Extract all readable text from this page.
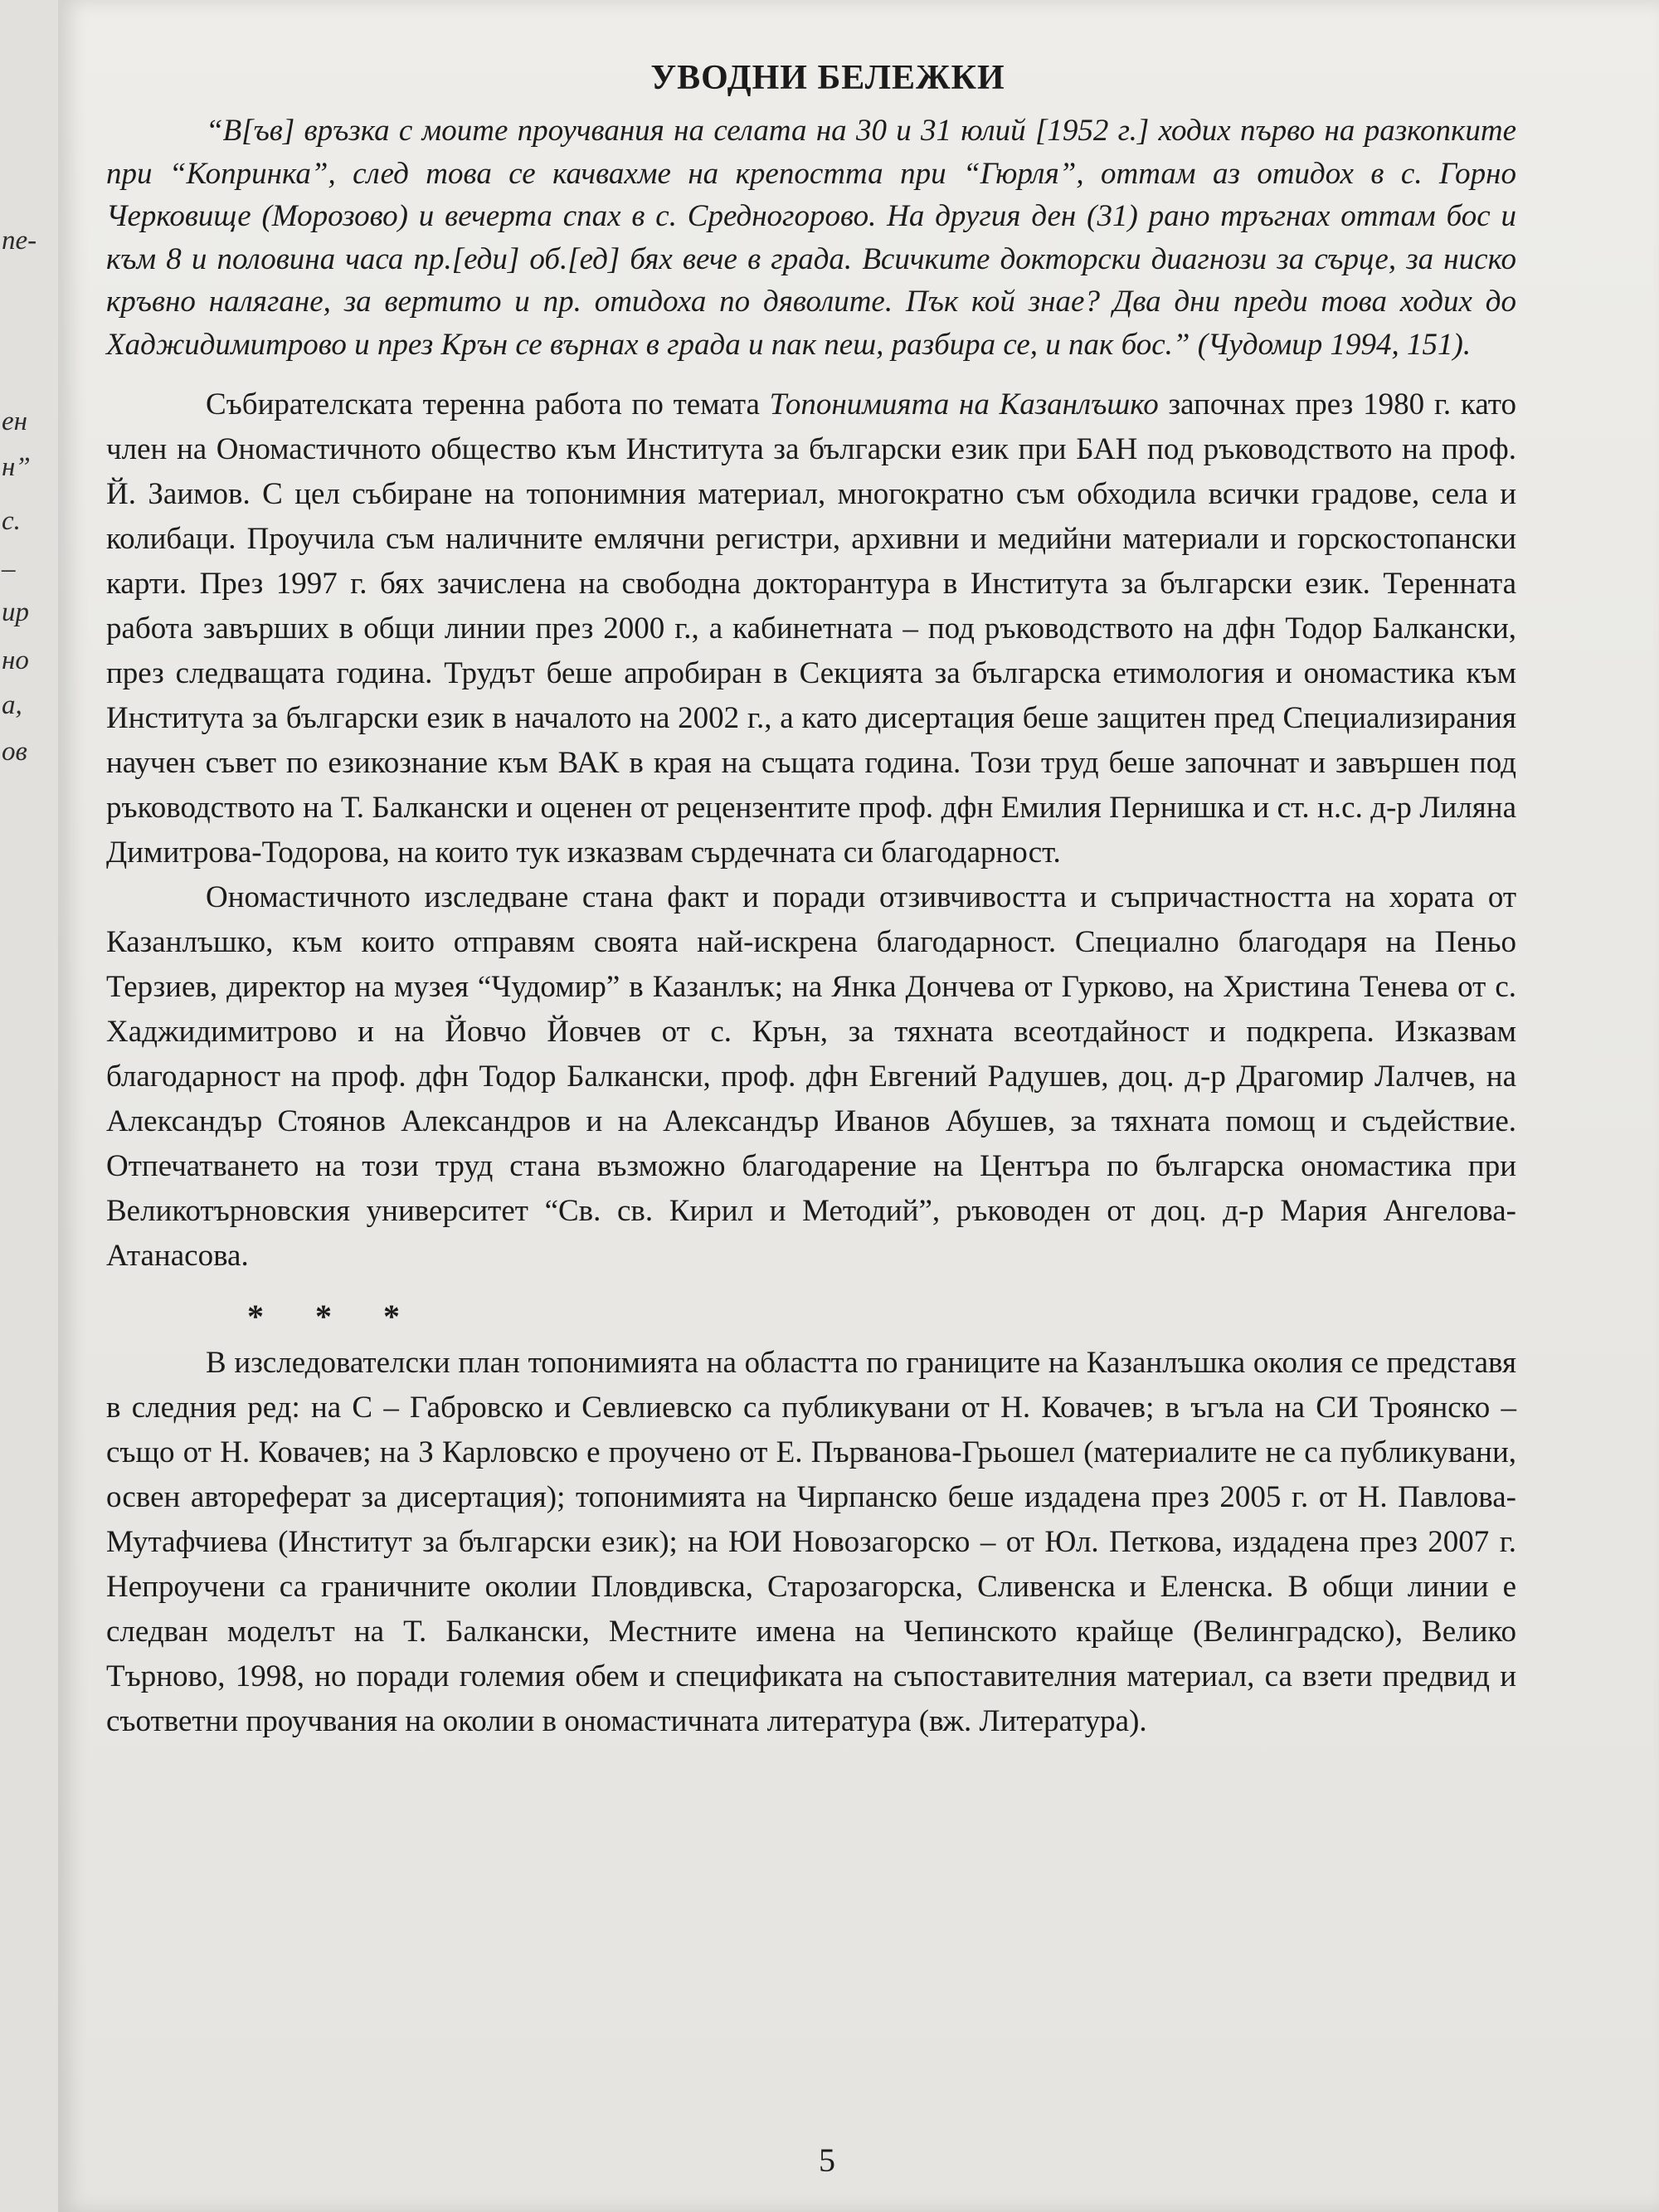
пе-
ен
н”
с.
–
ир
но
а,
ов
УВОДНИ БЕЛЕЖКИ

“В[ъв] връзка с моите проучвания на селата на 30 и 31 юлий [1952 г.] ходих първо на разкопките при “Копринка”, след това се качвахме на крепостта при “Гюрля”, оттам аз отидох в с. Горно Черковище (Морозово) и вечерта спах в с. Средногорово. На другия ден (31) рано тръгнах оттам бос и към 8 и половина часа пр.[еди] об.[ед] бях вече в града. Всичките докторски диагнози за сърце, за ниско кръвно налягане, за вертито и пр. отидоха по дяволите. Пък кой знае? Два дни преди това ходих до Хаджидимитрово и през Крън се върнах в града и пак пеш, разбира се, и пак бос.” (Чудомир 1994, 151).

Събирателската теренна работа по темата Топонимията на Казанлъшко започнах през 1980 г. като член на Ономастичното общество към Института за български език при БАН под ръководството на проф. Й. Заимов. С цел събиране на топонимния материал, многократно съм обходила всички градове, села и колибаци. Проучила съм наличните емлячни регистри, архивни и медийни материали и горскостопански карти. През 1997 г. бях зачислена на свободна докторантура в Института за български език. Теренната работа завърших в общи линии през 2000 г., а кабинетната – под ръководството на дфн Тодор Балкански, през следващата година. Трудът беше апробиран в Секцията за българска етимология и ономастика към Института за български език в началото на 2002 г., а като дисертация беше защитен пред Специализирания научен съвет по езикознание към ВАК в края на същата година. Този труд беше започнат и завършен под ръководството на Т. Балкански и оценен от рецензентите проф. дфн Емилия Пернишка и ст. н.с. д-р Лиляна Димитрова-Тодорова, на които тук изказвам сърдечната си благодарност.

Ономастичното изследване стана факт и поради отзивчивостта и съпричастността на хората от Казанлъшко, към които отправям своята най-искрена благодарност. Специално благодаря на Пеньо Терзиев, директор на музея “Чудомир” в Казанлък; на Янка Дончева от Гурково, на Христина Тенева от с. Хаджидимитрово и на Йовчо Йовчев от с. Крън, за тяхната всеотдайност и подкрепа. Изказвам благодарност на проф. дфн Тодор Балкански, проф. дфн Евгений Радушев, доц. д-р Драгомир Лалчев, на Александър Стоянов Александров и на Александър Иванов Абушев, за тяхната помощ и съдействие. Отпечатването на този труд стана възможно благодарение на Центъра по българска ономастика при Великотърновския университет “Св. св. Кирил и Методий”, ръководен от доц. д-р Мария Ангелова-Атанасова.

* * *

В изследователски план топонимията на областта по границите на Казанлъшка околия се представя в следния ред: на С – Габровско и Севлиевско са публикувани от Н. Ковачев; в ъгъла на СИ Троянско – също от Н. Ковачев; на З Карловско е проучено от Е. Първанова-Грьошел (материалите не са публикувани, освен автореферат за дисертация); топонимията на Чирпанско беше издадена през 2005 г. от Н. Павлова-Мутафчиева (Институт за български език); на ЮИ Новозагорско – от Юл. Петкова, издадена през 2007 г. Непроучени са граничните околии Пловдивска, Старозагорска, Сливенска и Еленска. В общи линии е следван моделът на Т. Балкански, Местните имена на Чепинското крайще (Велинградско), Велико Търново, 1998, но поради големия обем и спецификата на съпоставителния материал, са взети предвид и съответни проучвания на околии в ономастичната литература (вж. Литература).

5
